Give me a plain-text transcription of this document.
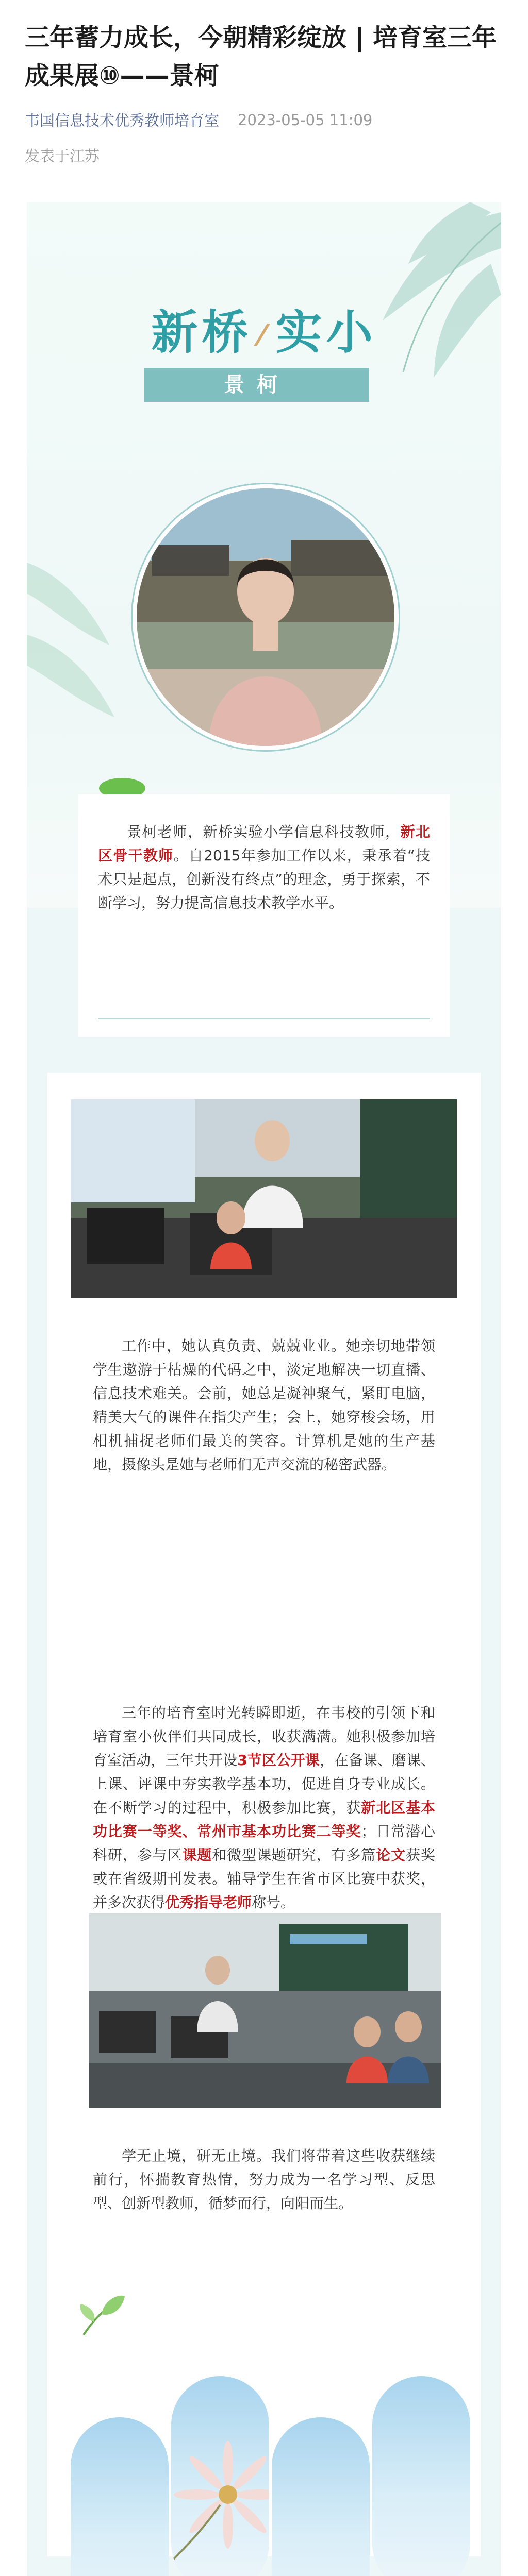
三年蓄力成长，今朝精彩绽放 | 培育室三年成果展⑩——景柯
韦国信息技术优秀教师培育室 2023-05-05 11:09
发表于江苏
新桥 ⁄ 实小
景柯
景柯老师，新桥实验小学信息科技教师，新北区骨干教师。自2015年参加工作以来，秉承着“技术只是起点，创新没有终点”的理念，勇于探索，不断学习，努力提高信息技术教学水平。
工作中，她认真负责、兢兢业业。她亲切地带领学生遨游于枯燥的代码之中，淡定地解决一切直播、信息技术难关。会前，她总是凝神聚气，紧盯电脑，精美大气的课件在指尖产生；会上，她穿梭会场，用相机捕捉老师们最美的笑容。计算机是她的生产基地，摄像头是她与老师们无声交流的秘密武器。
三年的培育室时光转瞬即逝，在韦校的引领下和培育室小伙伴们共同成长，收获满满。她积极参加培育室活动，三年共开设3节区公开课，在备课、磨课、上课、评课中夯实教学基本功，促进自身专业成长。在不断学习的过程中，积极参加比赛，获新北区基本功比赛一等奖、常州市基本功比赛二等奖；日常潜心科研，参与区课题和微型课题研究，有多篇论文获奖或在省级期刊发表。辅导学生在省市区比赛中获奖，并多次获得优秀指导老师称号。
学无止境，研无止境。我们将带着这些收获继续前行，怀揣教育热情，努力成为一名学习型、反思型、创新型教师，循梦而行，向阳而生。
